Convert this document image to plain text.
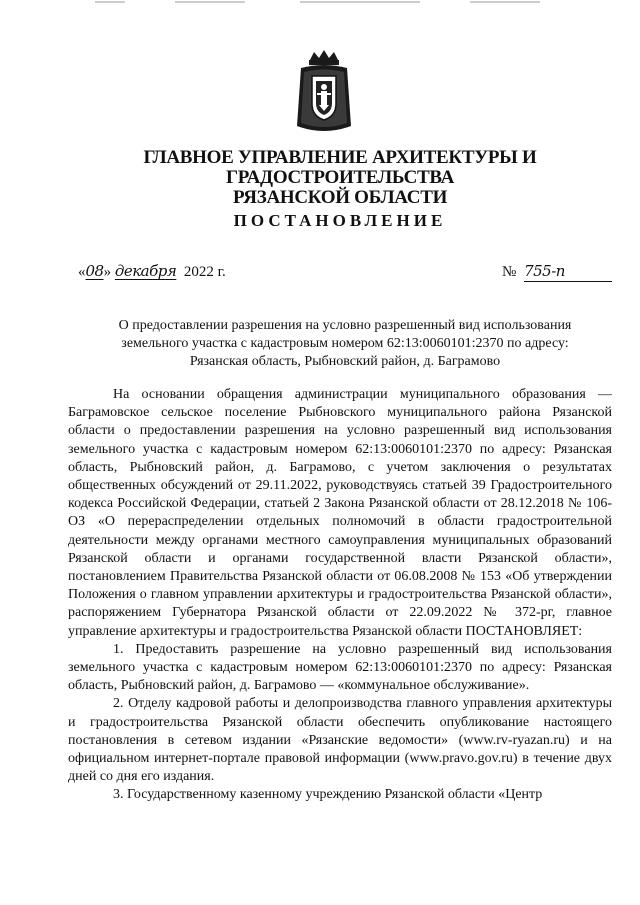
ГЛАВНОЕ УПРАВЛЕНИЕ АРХИТЕКТУРЫ И ГРАДОСТРОИТЕЛЬСТВА
РЯЗАНСКОЙ ОБЛАСТИ
ПОСТАНОВЛЕНИЕ
«08» декабря 2022 г.	№ 755-п
О предоставлении разрешения на условно разрешенный вид использования земельного участка с кадастровым номером 62:13:0060101:2370 по адресу: Рязанская область, Рыбновский район, д. Баграмово

На основании обращения администрации муниципального образования — Баграмовское сельское поселение Рыбновского муниципального района Рязанской области о предоставлении разрешения на условно разрешенный вид использования земельного участка с кадастровым номером 62:13:0060101:2370 по адресу: Рязанская область, Рыбновский район, д. Баграмово, с учетом заключения о результатах общественных обсуждений от 29.11.2022, руководствуясь статьей 39 Градостроительного кодекса Российской Федерации, статьей 2 Закона Рязанской области от 28.12.2018 № 106-ОЗ «О перераспределении отдельных полномочий в области градостроительной деятельности между органами местного самоуправления муниципальных образований Рязанской области и органами государственной власти Рязанской области», постановлением Правительства Рязанской области от 06.08.2008 № 153 «Об утверждении Положения о главном управлении архитектуры и градостроительства Рязанской области», распоряжением Губернатора Рязанской области от 22.09.2022 № 372-рг, главное управление архитектуры и градостроительства Рязанской области ПОСТАНОВЛЯЕТ:

1. Предоставить разрешение на условно разрешенный вид использования земельного участка с кадастровым номером 62:13:0060101:2370 по адресу: Рязанская область, Рыбновский район, д. Баграмово — «коммунальное обслуживание».

2. Отделу кадровой работы и делопроизводства главного управления архитектуры и градостроительства Рязанской области обеспечить опубликование настоящего постановления в сетевом издании «Рязанские ведомости» (www.rv-ryazan.ru) и на официальном интернет-портале правовой информации (www.pravo.gov.ru) в течение двух дней со дня его издания.

3. Государственному казенному учреждению Рязанской области «Центр
